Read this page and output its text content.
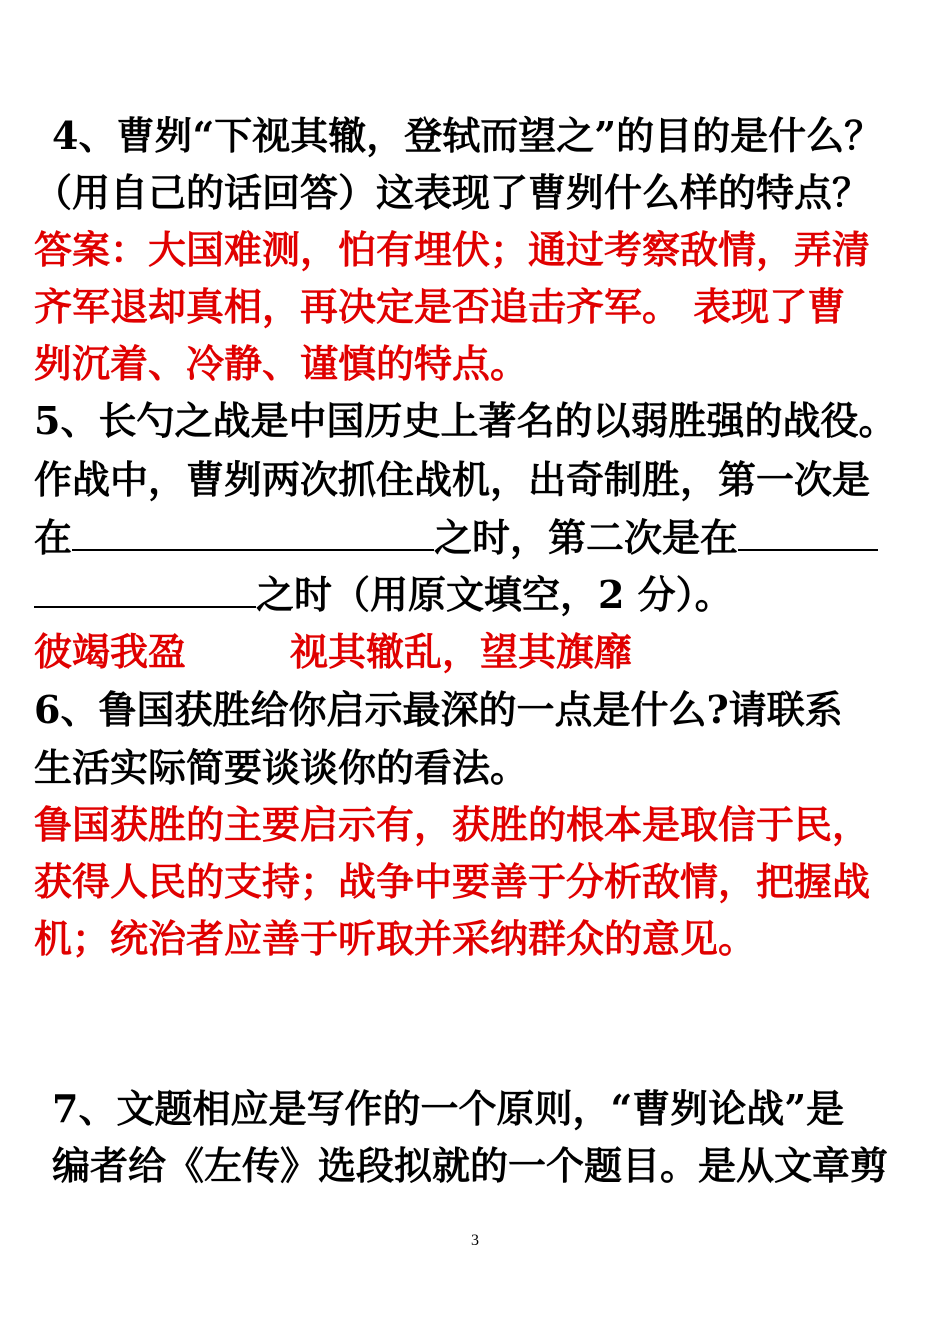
4、曹刿“下视其辙，登轼而望之”的目的是什么？
（用自己的话回答）这表现了曹刿什么样的特点？
答案：大国难测，怕有埋伏；通过考察敌情，弄清
齐军退却真相，再决定是否追击齐军。 表现了曹
刿沉着、冷静、谨慎的特点。
5、长勺之战是中国历史上著名的以弱胜强的战役。
作战中，曹刿两次抓住战机，出奇制胜，第一次是
在	之时，第二次是在
之时（用原文填空，2 分）。
彼竭我盈	视其辙乱，望其旗靡
6、鲁国获胜给你启示最深的一点是什么?请联系
生活实际简要谈谈你的看法。
鲁国获胜的主要启示有，获胜的根本是取信于民，
获得人民的支持；战争中要善于分析敌情，把握战
机；统治者应善于听取并采纳群众的意见。
7、文题相应是写作的一个原则，“曹刿论战”是
编者给《左传》选段拟就的一个题目。是从文章剪
3
